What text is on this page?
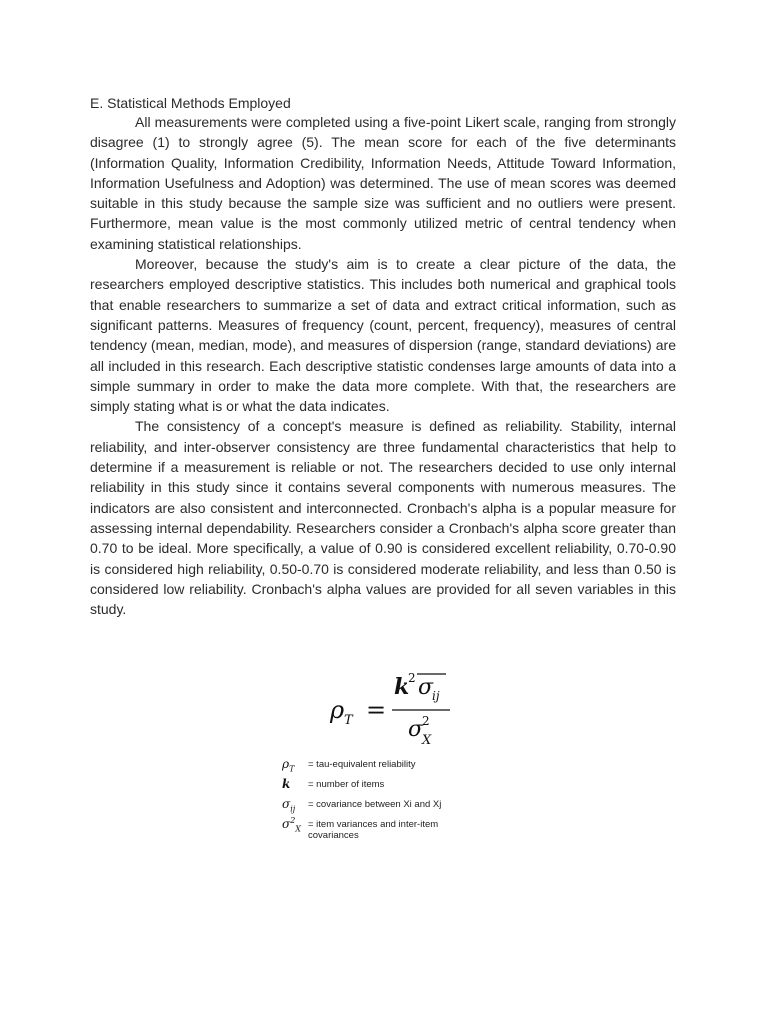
E. Statistical Methods Employed

All measurements were completed using a five-point Likert scale, ranging from strongly disagree (1) to strongly agree (5). The mean score for each of the five determinants (Information Quality, Information Credibility, Information Needs, Attitude Toward Information, Information Usefulness and Adoption) was determined. The use of mean scores was deemed suitable in this study because the sample size was sufficient and no outliers were present. Furthermore, mean value is the most commonly utilized metric of central tendency when examining statistical relationships.

Moreover, because the study's aim is to create a clear picture of the data, the researchers employed descriptive statistics. This includes both numerical and graphical tools that enable researchers to summarize a set of data and extract critical information, such as significant patterns. Measures of frequency (count, percent, frequency), measures of central tendency (mean, median, mode), and measures of dispersion (range, standard deviations) are all included in this research. Each descriptive statistic condenses large amounts of data into a simple summary in order to make the data more complete. With that, the researchers are simply stating what is or what the data indicates.

The consistency of a concept's measure is defined as reliability. Stability, internal reliability, and inter-observer consistency are three fundamental characteristics that help to determine if a measurement is reliable or not. The researchers decided to use only internal reliability in this study since it contains several components with numerous measures. The indicators are also consistent and interconnected. Cronbach's alpha is a popular measure for assessing internal dependability. Researchers consider a Cronbach's alpha score greater than 0.70 to be ideal. More specifically, a value of 0.90 is considered excellent reliability, 0.70-0.90 is considered high reliability, 0.50-0.70 is considered moderate reliability, and less than 0.50 is considered low reliability. Cronbach's alpha values are provided for all seven variables in this study.

ρ T =
k
2 σ
ij
σ
2
X
$\rho_T$	= tau-equivalent reliability
k	= number of items
$\sigma_{ij}$	= covariance between Xi and Xj
$\sigma^2_X$ = item variances and inter-item covariances
